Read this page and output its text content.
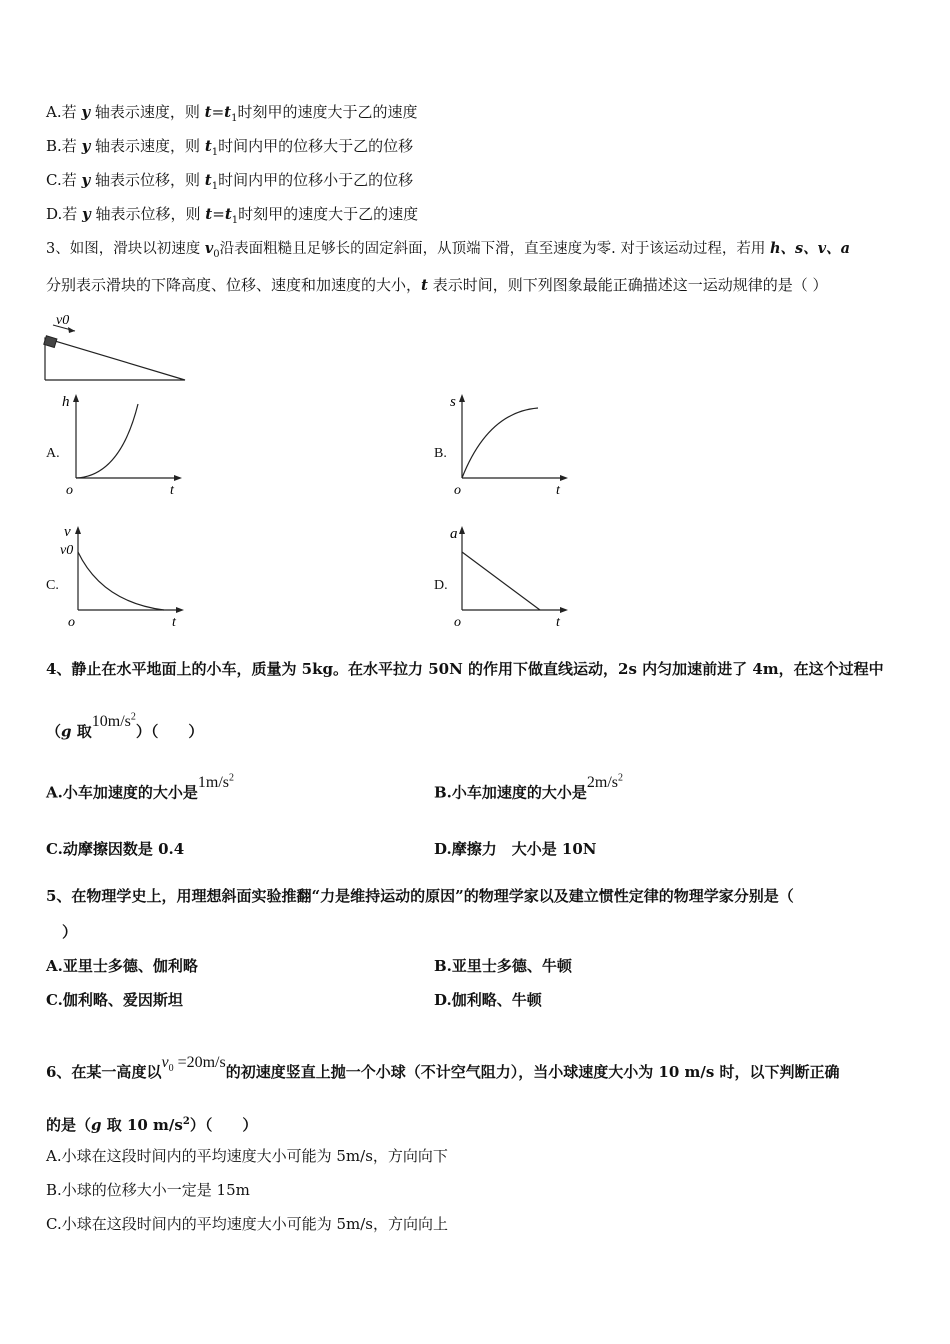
A.若 y 轴表示速度，则 $t=t_1$时刻甲的速度大于乙的速度
B.若 y 轴表示速度，则 $t_1$时间内甲的位移大于乙的位移
C.若 y 轴表示位移，则 $t_1$时间内甲的位移小于乙的位移
D.若 y 轴表示位移，则 $t=t_1$时刻甲的速度大于乙的速度
3、如图，滑块以初速度 $v_0$沿表面粗糙且足够长的固定斜面，从顶端下滑，直至速度为零. 对于该运动过程，若用 h、s、v、a
分别表示滑块的下降高度、位移、速度和加速度的大小，t 表示时间，则下列图象最能正确描述这一运动规律的是（ ）
v0
A.
h
o	t
B.
s
o	t
C.
v
v0
o	t
D.
a
o	t
4、静止在水平地面上的小车，质量为 5kg。在水平拉力 50N 的作用下做直线运动，2s 内匀加速前进了 4m，在这个过程中
（g 取$10m/s^2$）（　　）
A.小车加速度的大小是$1m/s^2$
B.小车加速度的大小是$2m/s^2$
C.动摩擦因数是 0.4	D.摩擦力　大小是 10N
5、在物理学史上，用理想斜面实验推翻“力是维持运动的原因”的物理学家以及建立惯性定律的物理学家分别是（
）
A.亚里士多德、伽利略	B.亚里士多德、牛顿
C.伽利略、爱因斯坦	D.伽利略、牛顿
6、在某一高度以$v_0 =20m/s$的初速度竖直上抛一个小球（不计空气阻力），当小球速度大小为 10 m/s 时，以下判断正确
的是（g 取 10 $m/s^2$）（　　）
A.小球在这段时间内的平均速度大小可能为 5m/s，方向向下
B.小球的位移大小一定是 15m
C.小球在这段时间内的平均速度大小可能为 5m/s，方向向上
